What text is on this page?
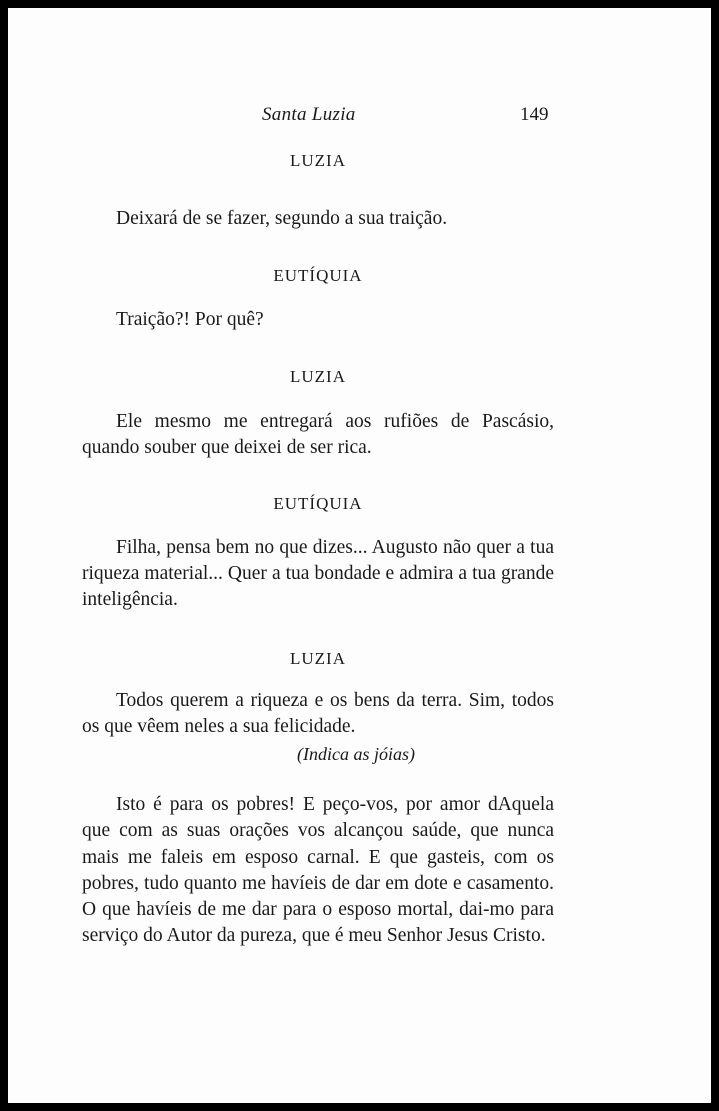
Santa Luzia	149
LUZIA
Deixará de se fazer, segundo a sua traição.
EUTÍQUIA
Traição?! Por quê?
LUZIA
Ele mesmo me entregará aos rufiões de Pascásio, quando souber que deixei de ser rica.
EUTÍQUIA
Filha, pensa bem no que dizes... Augusto não quer a tua riqueza material... Quer a tua bondade e admira a tua grande inteligência.
LUZIA
Todos querem a riqueza e os bens da terra. Sim, todos os que vêem neles a sua felicidade.
(Indica as jóias)
Isto é para os pobres! E peço-vos, por amor dAquela que com as suas orações vos alcançou saúde, que nunca mais me faleis em esposo carnal. E que gasteis, com os pobres, tudo quanto me havíeis de dar em dote e casamento. O que havíeis de me dar para o esposo mortal, dai-mo para serviço do Autor da pureza, que é meu Senhor Jesus Cristo.
